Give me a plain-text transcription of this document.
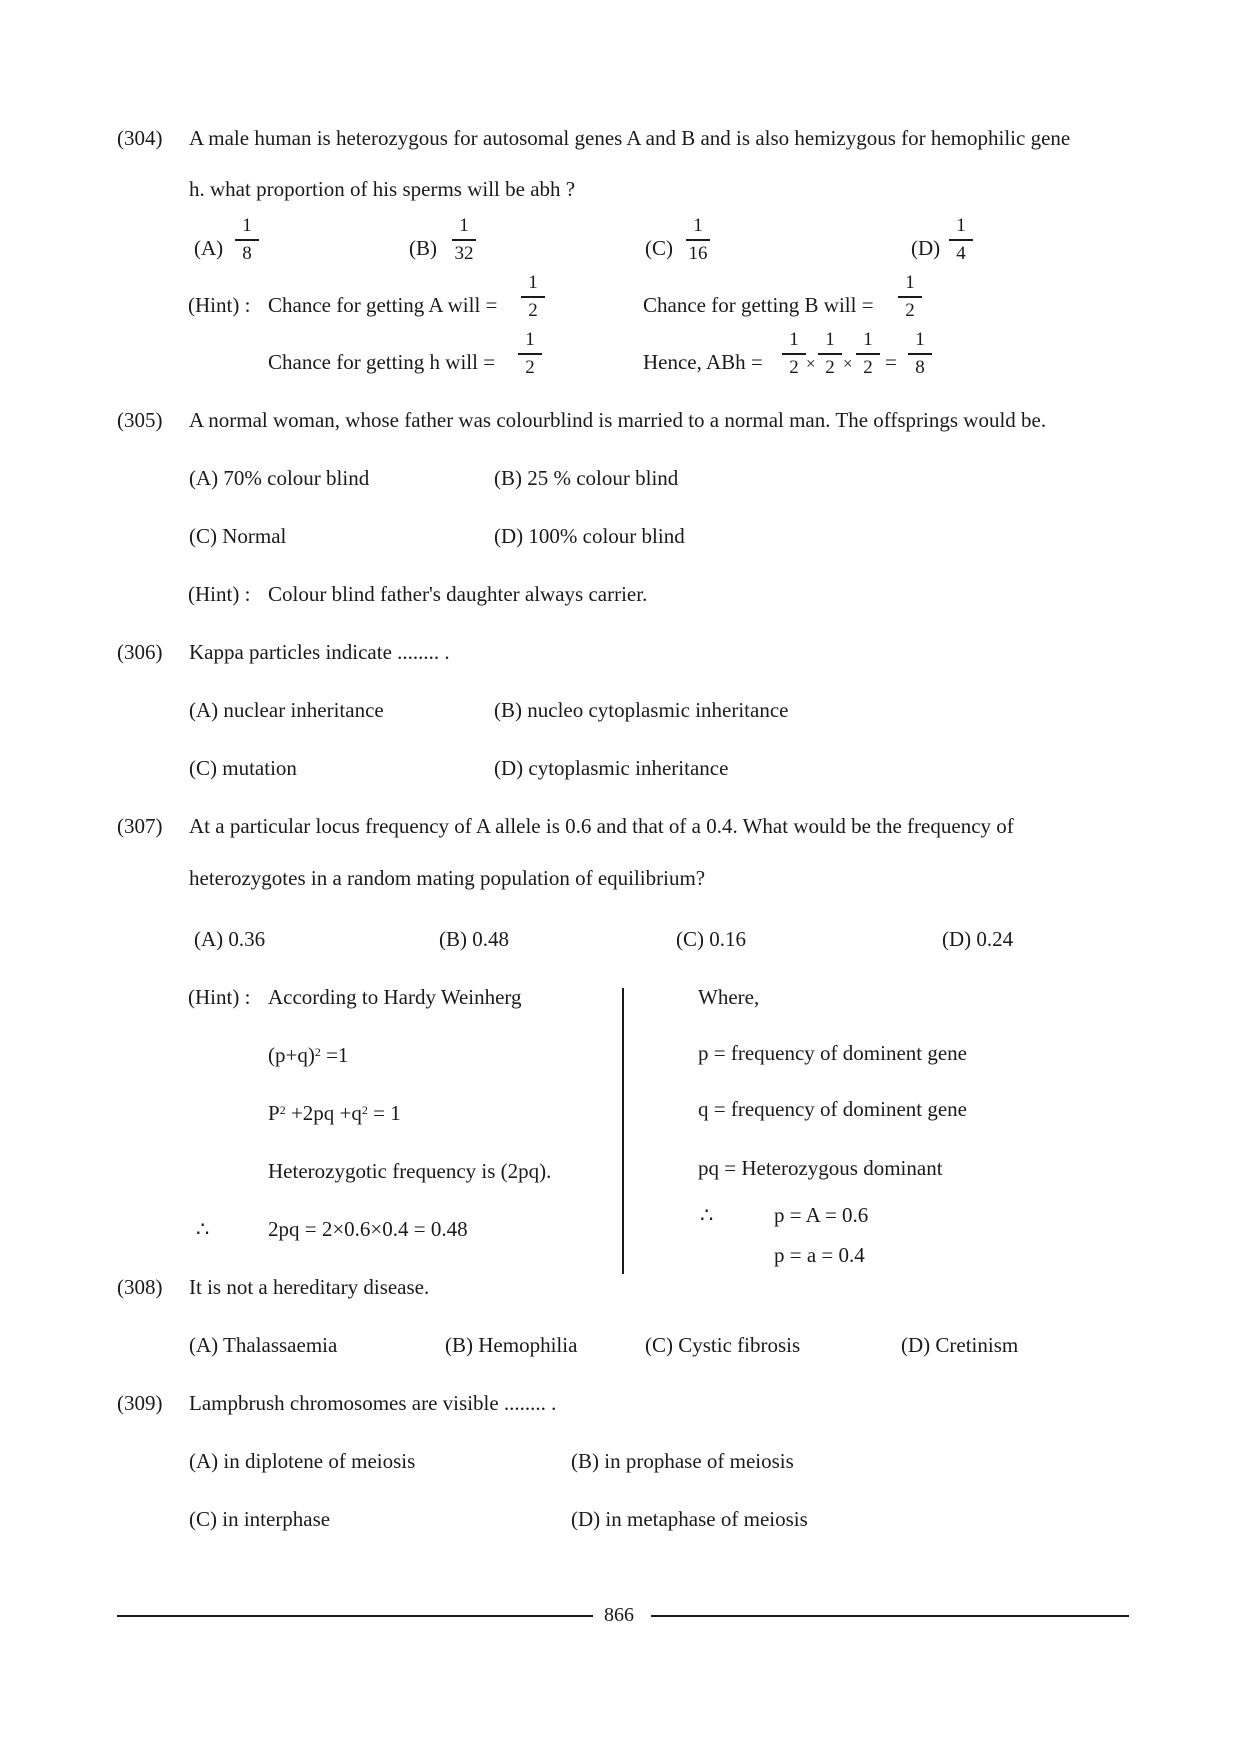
(304) A male human is heterozygous for autosomal genes A and B and is also hemizygous for hemophilic gene
h. what proportion of his sperms will be abh ?
(A)
1
8	(B)
1
32	(C)
1
16	(D)
1
4
(Hint) : Chance for getting A will =
1
2	Chance for getting B will =
1
2
Chance for getting h will =
1
2	Hence, ABh =
1
2 ×
1
2 ×
1
2 =
1
8
(305) A normal woman, whose father was colourblind is married to a normal man. The offsprings would be.
(A) 70% colour blind	(B) 25 % colour blind
(C) Normal	(D) 100% colour blind
(Hint) : Colour blind father's daughter always carrier.
(306) Kappa particles indicate ........ .
(A) nuclear inheritance	(B) nucleo cytoplasmic inheritance
(C) mutation	(D) cytoplasmic inheritance
(307) At a particular locus frequency of A allele is 0.6 and that of a 0.4. What would be the frequency of
heterozygotes in a random mating population of equilibrium?
(A) 0.36	(B) 0.48	(C) 0.16	(D) 0.24
(Hint) : According to Hardy Weinherg
$(p+q)^2 =1$
$P^2 +2pq +q^2 = 1$
Heterozygotic frequency is (2pq).
∴	2pq = 2×0.6×0.4 = 0.48
Where,
p = frequency of dominent gene
q = frequency of dominent gene
pq = Heterozygous dominant
∴	p = A = 0.6
p = a = 0.4
(308) It is not a hereditary disease.
(A) Thalassaemia	(B) Hemophilia	(C) Cystic fibrosis	(D) Cretinism
(309) Lampbrush chromosomes are visible ........ .
(A) in diplotene of meiosis	(B) in prophase of meiosis
(C) in interphase	(D) in metaphase of meiosis
866
